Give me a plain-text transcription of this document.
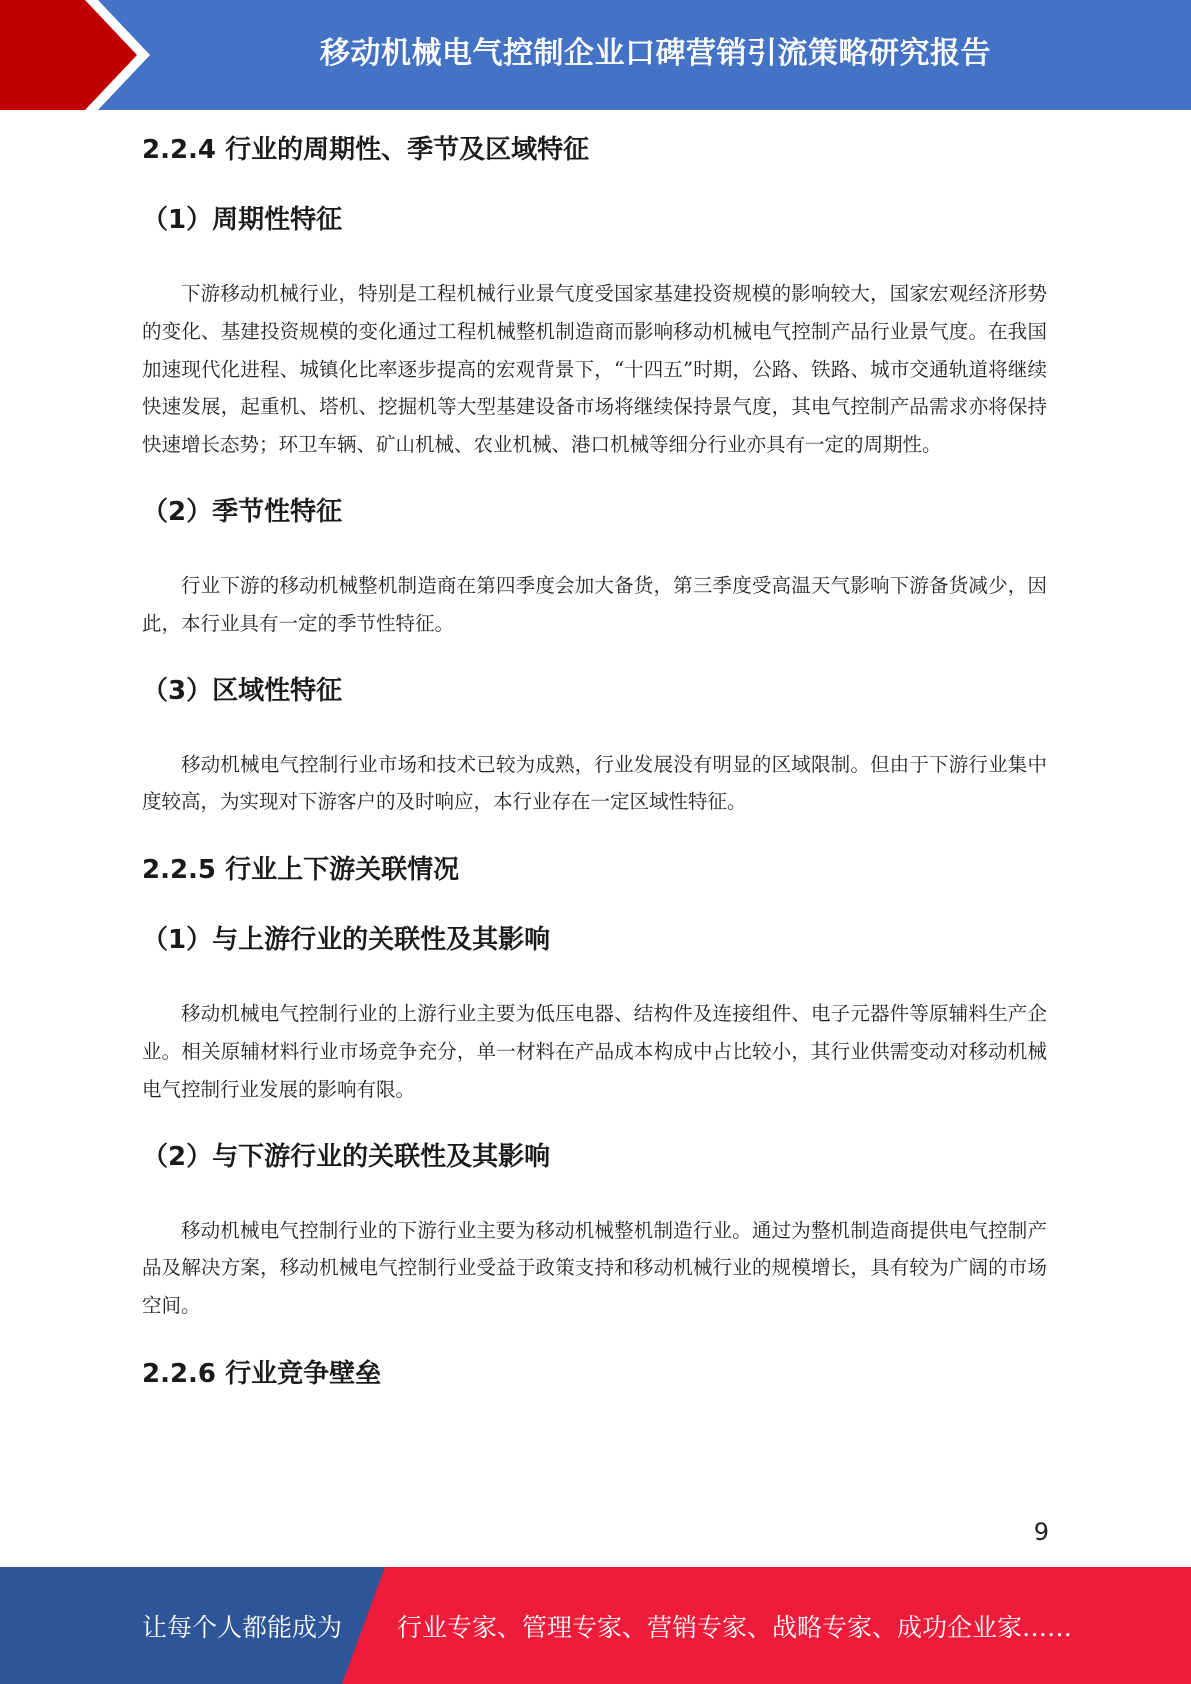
移动机械电气控制企业口碑营销引流策略研究报告
2.2.4 行业的周期性、季节及区域特征
（1）周期性特征

下游移动机械行业，特别是工程机械行业景气度受国家基建投资规模的影响较大，国家宏观经济形势的变化、基建投资规模的变化通过工程机械整机制造商而影响移动机械电气控制产品行业景气度。在我国加速现代化进程、城镇化比率逐步提高的宏观背景下，“十四五”时期，公路、铁路、城市交通轨道将继续快速发展，起重机、塔机、挖掘机等大型基建设备市场将继续保持景气度，其电气控制产品需求亦将保持快速增长态势；环卫车辆、矿山机械、农业机械、港口机械等细分行业亦具有一定的周期性。

（2）季节性特征

行业下游的移动机械整机制造商在第四季度会加大备货，第三季度受高温天气影响下游备货减少，因此，本行业具有一定的季节性特征。

（3）区域性特征

移动机械电气控制行业市场和技术已较为成熟，行业发展没有明显的区域限制。但由于下游行业集中度较高，为实现对下游客户的及时响应，本行业存在一定区域性特征。

2.2.5 行业上下游关联情况
（1）与上游行业的关联性及其影响

移动机械电气控制行业的上游行业主要为低压电器、结构件及连接组件、电子元器件等原辅料生产企业。相关原辅材料行业市场竞争充分，单一材料在产品成本构成中占比较小，其行业供需变动对移动机械电气控制行业发展的影响有限。

（2）与下游行业的关联性及其影响

移动机械电气控制行业的下游行业主要为移动机械整机制造行业。通过为整机制造商提供电气控制产品及解决方案，移动机械电气控制行业受益于政策支持和移动机械行业的规模增长，具有较为广阔的市场空间。

2.2.6 行业竞争壁垒
9
让每个人都能成为 行业专家、管理专家、营销专家、战略专家、成功企业家……
